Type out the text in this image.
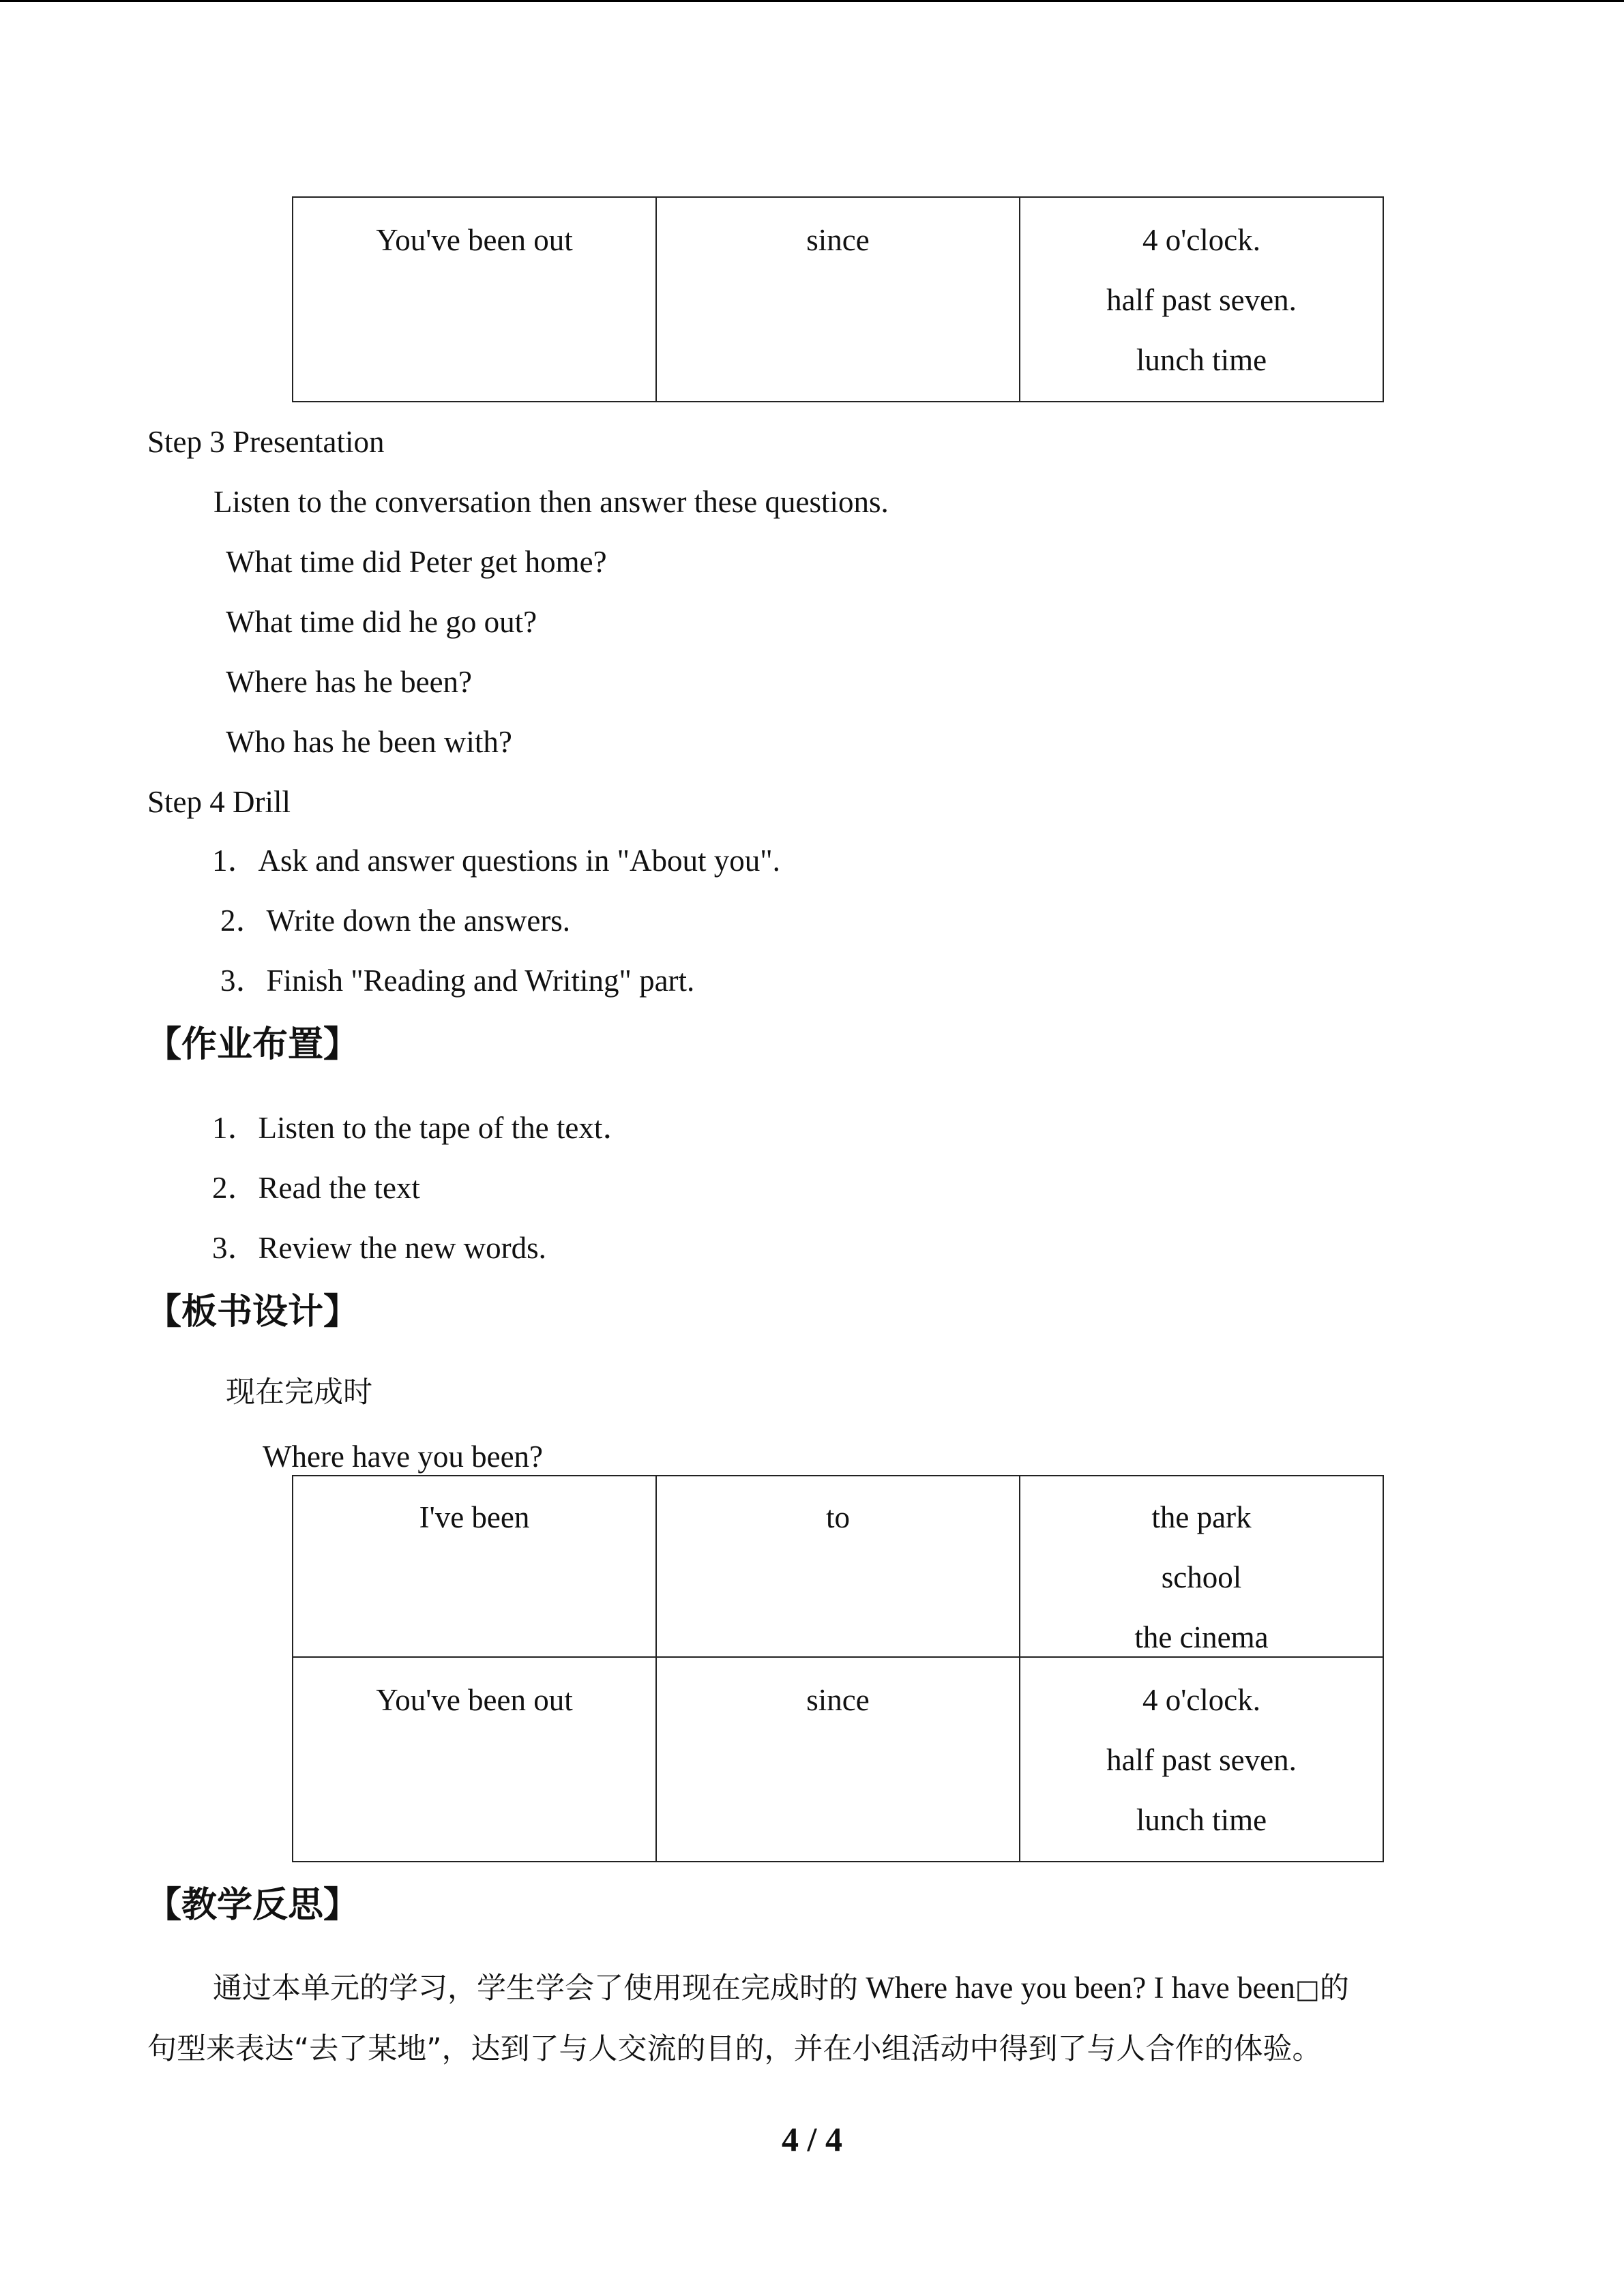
You've been out	since	4 o'clock.
half past seven.
lunch time
Step 3 Presentation
Listen to the conversation then answer these questions.
What time did Peter get home?
What time did he go out?
Where has he been?
Who has he been with?
Step 4 Drill
1．Ask and answer questions in "About you".
2．Write down the answers.
3．Finish "Reading and Writing" part.
【作业布置】
1．Listen to the tape of the text．
2．Read the text
3．Review the new words.
【板书设计】
现在完成时
Where have you been?
I've been	to	the park
school
the cinema

You've been out	since	4 o'clock.
half past seven.
lunch time
【教学反思】
通过本单元的学习，学生学会了使用现在完成时的 Where have you been? I have been□的
句型来表达“去了某地”，达到了与人交流的目的，并在小组活动中得到了与人合作的体验。
4 / 4
